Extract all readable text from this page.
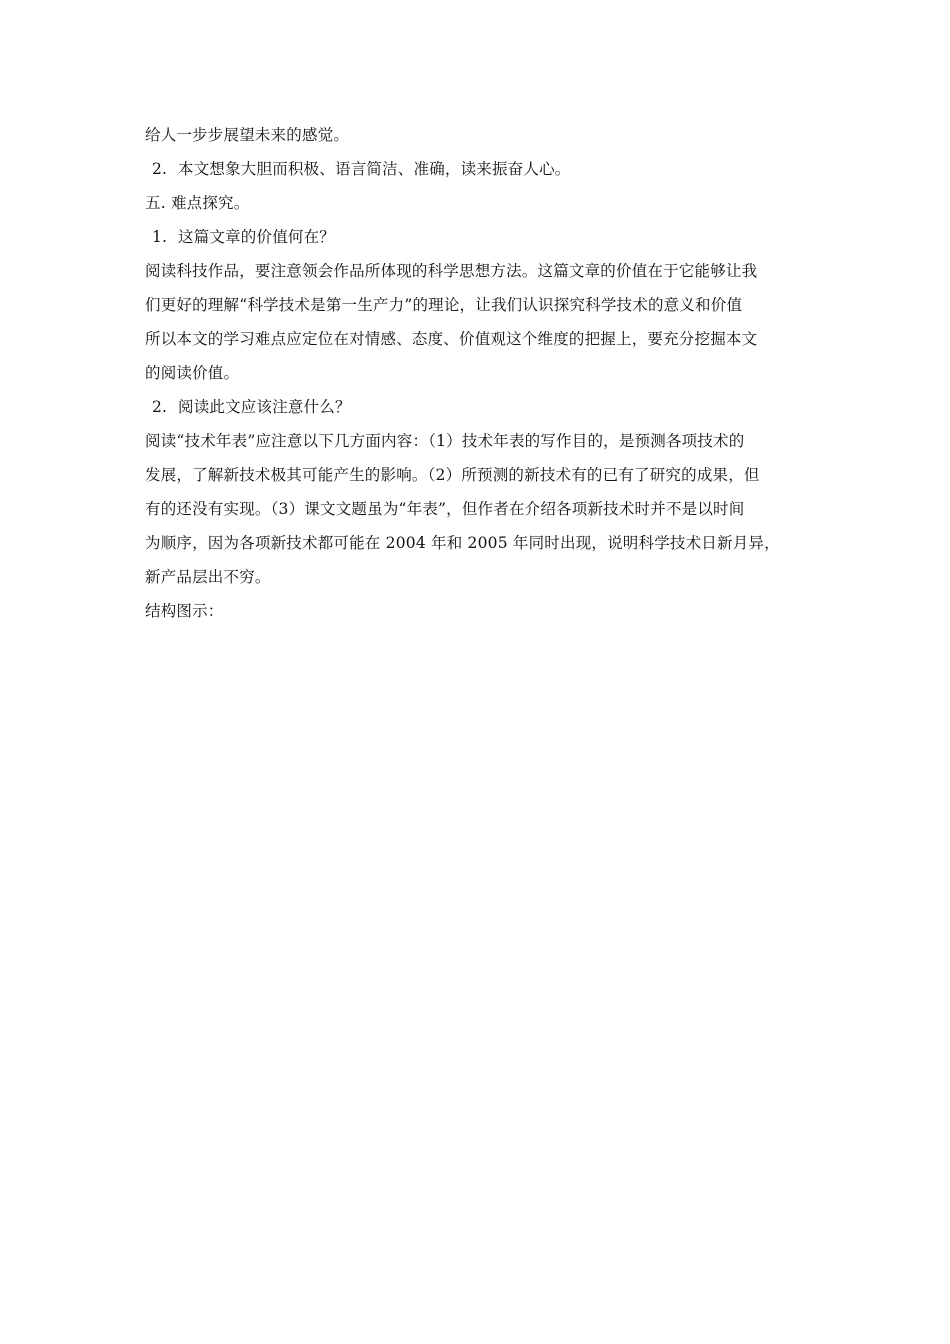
给人一步步展望未来的感觉。
2. 本文想象大胆而积极、语言简洁、准确，读来振奋人心。
五. 难点探究。
1. 这篇文章的价值何在？
阅读科技作品，要注意领会作品所体现的科学思想方法。这篇文章的价值在于它能够让我
们更好的理解“科学技术是第一生产力”的理论，让我们认识探究科学技术的意义和价值
所以本文的学习难点应定位在对情感、态度、价值观这个维度的把握上，要充分挖掘本文
的阅读价值。
2. 阅读此文应该注意什么？
阅读“技术年表”应注意以下几方面内容：（1）技术年表的写作目的，是预测各项技术的
发展，了解新技术极其可能产生的影响。（2）所预测的新技术有的已有了研究的成果，但
有的还没有实现。（3）课文文题虽为“年表”，但作者在介绍各项新技术时并不是以时间
为顺序，因为各项新技术都可能在 2004 年和 2005 年同时出现，说明科学技术日新月异，
新产品层出不穷。
结构图示：
